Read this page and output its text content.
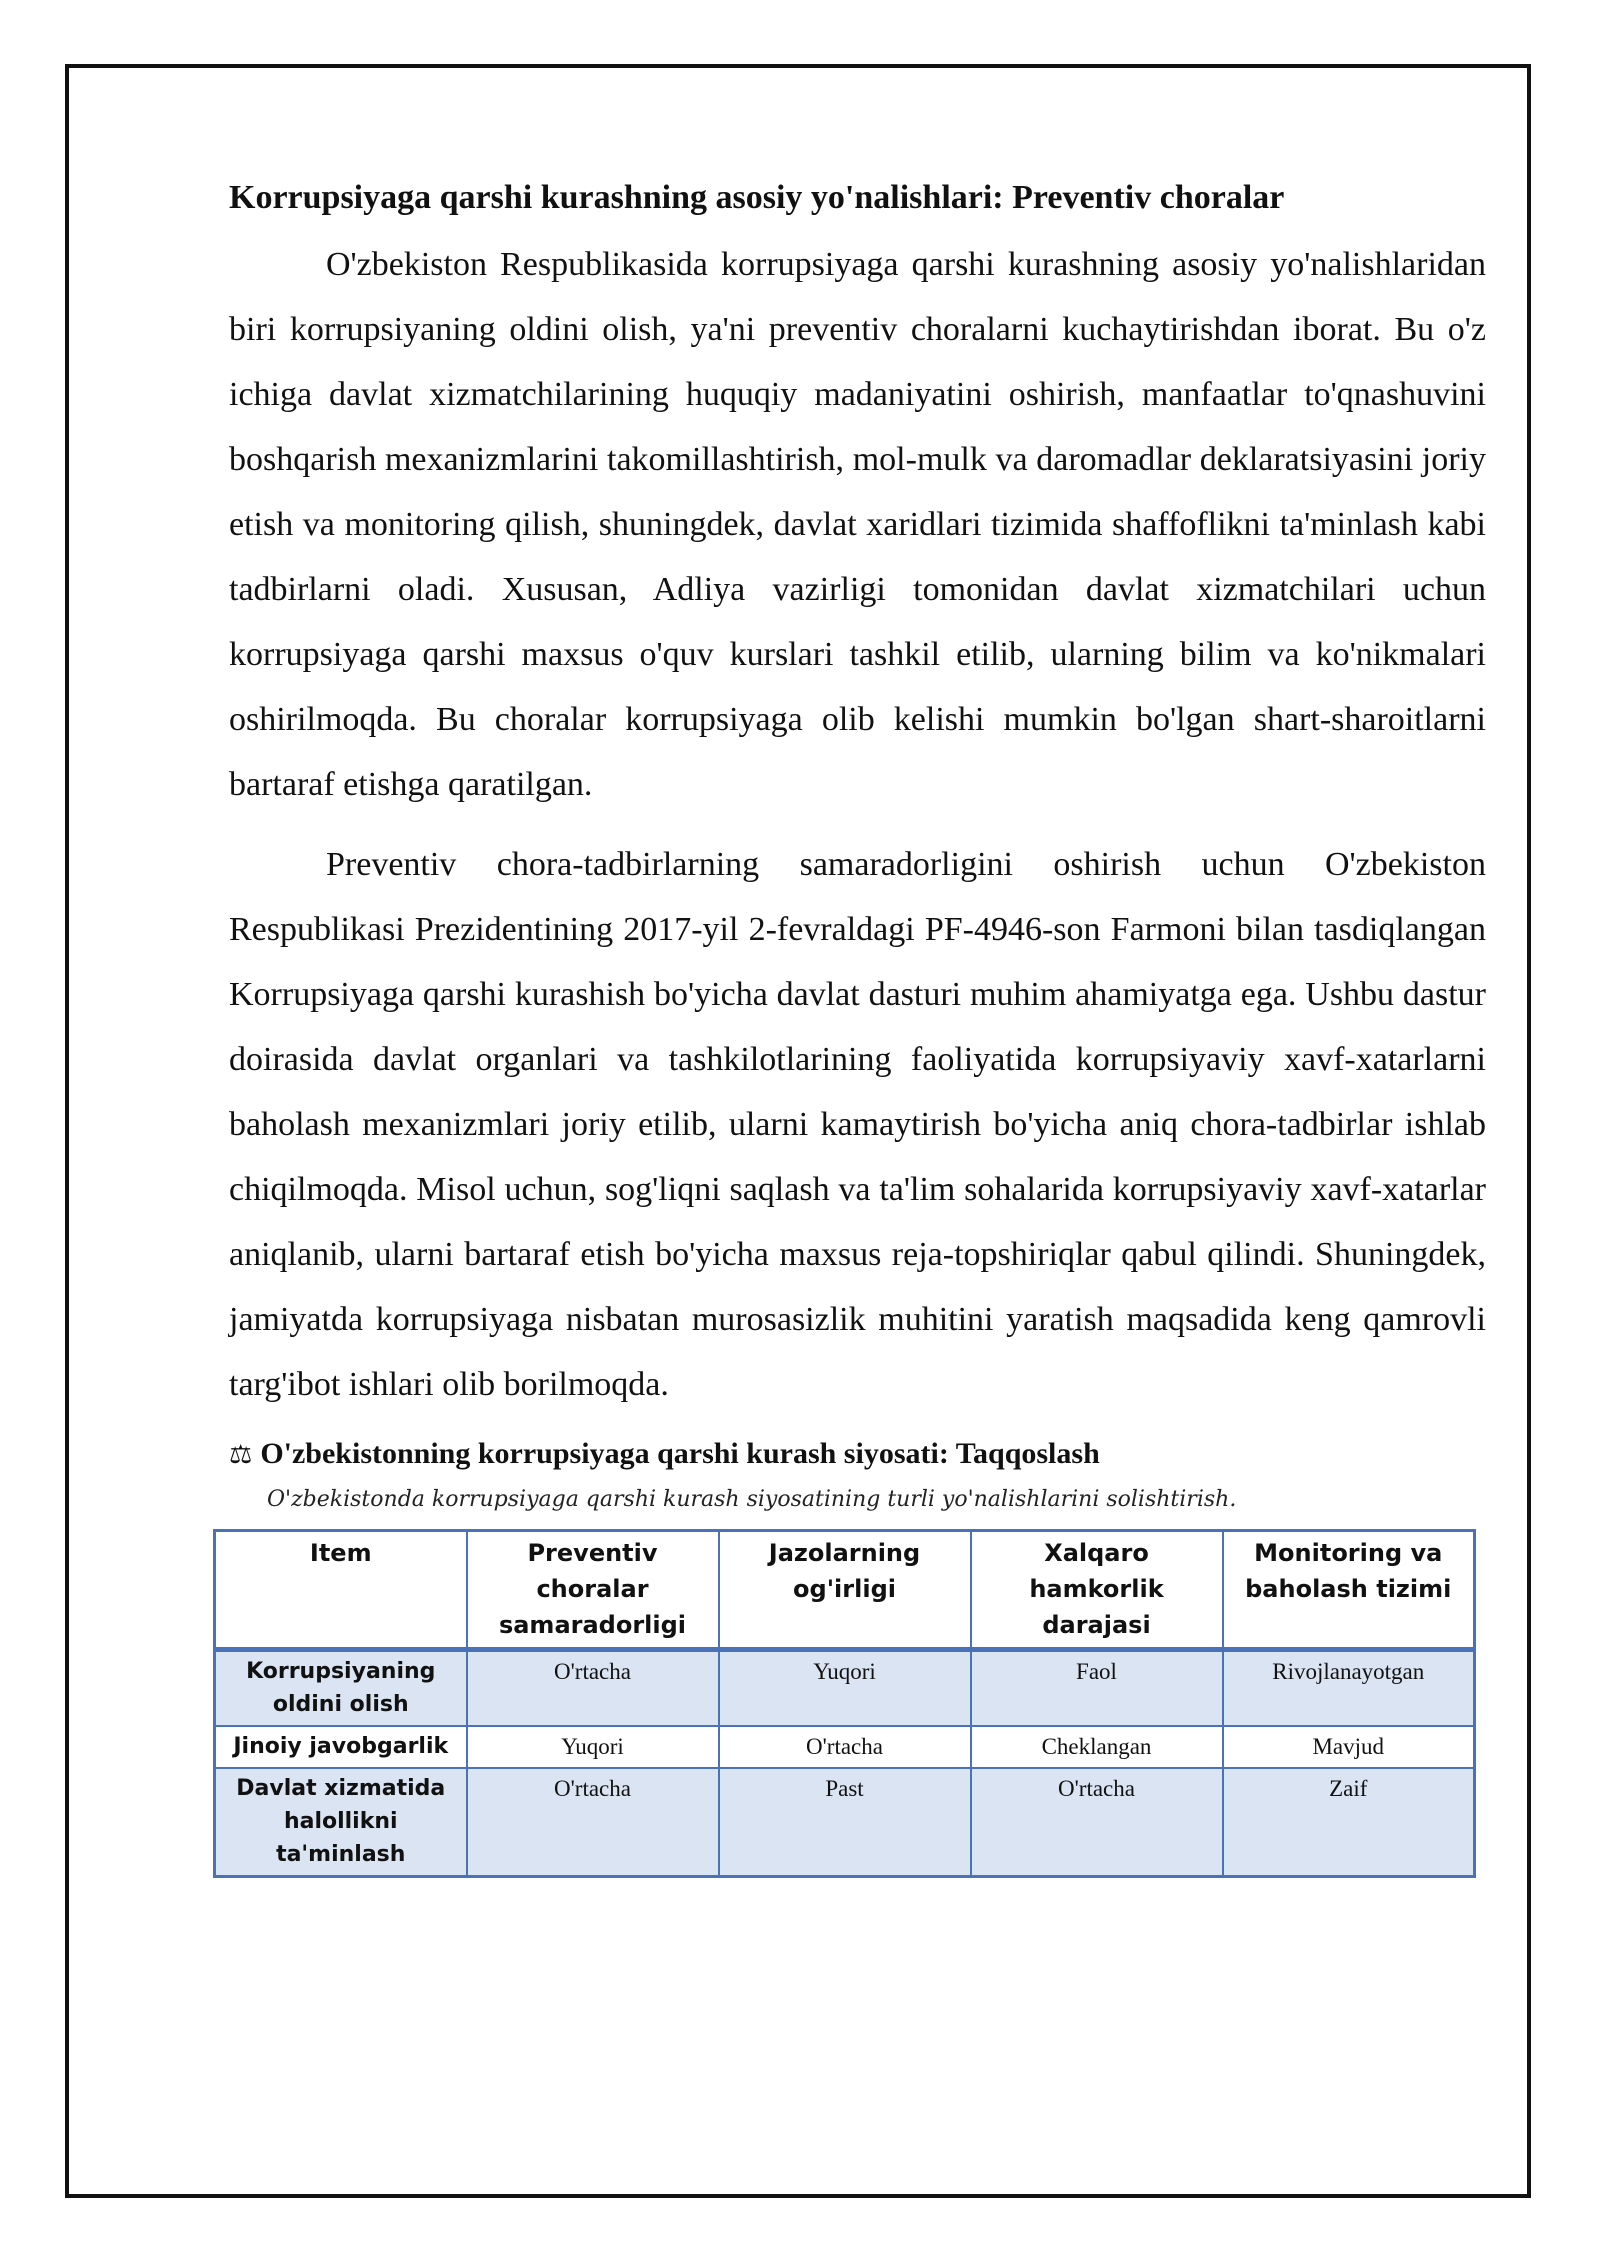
Korrupsiyaga qarshi kurashning asosiy yo'nalishlari: Preventiv choralar

O'zbekiston Respublikasida korrupsiyaga qarshi kurashning asosiy yo'nalishlaridan biri korrupsiyaning oldini olish, ya'ni preventiv choralarni kuchaytirishdan iborat. Bu o'z ichiga davlat xizmatchilarining huquqiy madaniyatini oshirish, manfaatlar to'qnashuvini boshqarish mexanizmlarini takomillashtirish, mol-mulk va daromadlar deklaratsiyasini joriy etish va monitoring qilish, shuningdek, davlat xaridlari tizimida shaffoflikni ta'minlash kabi tadbirlarni oladi. Xususan, Adliya vazirligi tomonidan davlat xizmatchilari uchun korrupsiyaga qarshi maxsus o'quv kurslari tashkil etilib, ularning bilim va ko'nikmalari oshirilmoqda. Bu choralar korrupsiyaga olib kelishi mumkin bo'lgan shart-sharoitlarni bartaraf etishga qaratilgan.

Preventiv chora-tadbirlarning samaradorligini oshirish uchun O'zbekiston Respublikasi Prezidentining 2017-yil 2-fevraldagi PF-4946-son Farmoni bilan tasdiqlangan Korrupsiyaga qarshi kurashish bo'yicha davlat dasturi muhim ahamiyatga ega. Ushbu dastur doirasida davlat organlari va tashkilotlarining faoliyatida korrupsiyaviy xavf-xatarlarni baholash mexanizmlari joriy etilib, ularni kamaytirish bo'yicha aniq chora-tadbirlar ishlab chiqilmoqda. Misol uchun, sog'liqni saqlash va ta'lim sohalarida korrupsiyaviy xavf-xatarlar aniqlanib, ularni bartaraf etish bo'yicha maxsus reja-topshiriqlar qabul qilindi. Shuningdek, jamiyatda korrupsiyaga nisbatan murosasizlik muhitini yaratish maqsadida keng qamrovli targ'ibot ishlari olib borilmoqda.

⚖ O'zbekistonning korrupsiyaga qarshi kurash siyosati: Taqqoslash
O'zbekistonda korrupsiyaga qarshi kurash siyosatining turli yo'nalishlarini solishtirish.
Item	Preventiv choralar samaradorligi	Jazolarning og'irligi	Xalqaro hamkorlik darajasi	Monitoring va baholash tizimi
Korrupsiyaning oldini olish	O'rtacha	Yuqori	Faol	Rivojlanayotgan
Jinoiy javobgarlik	Yuqori	O'rtacha	Cheklangan	Mavjud
Davlat xizmatida halollikni ta'minlash	O'rtacha	Past	O'rtacha	Zaif
